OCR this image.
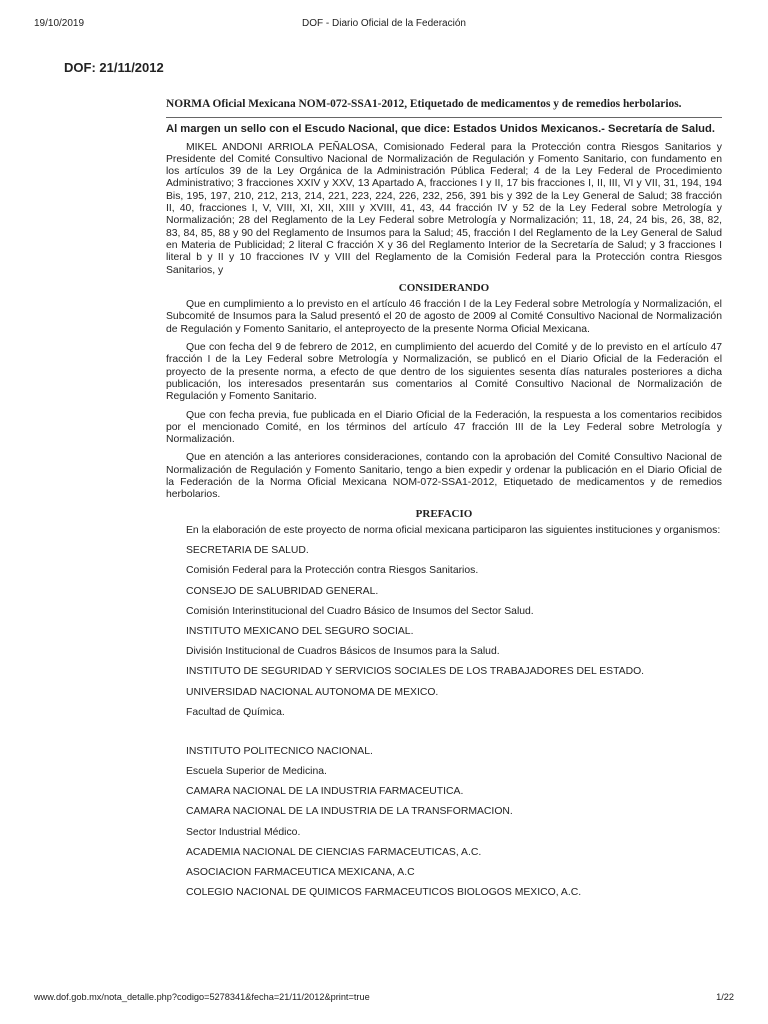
19/10/2019	DOF - Diario Oficial de la Federación
DOF: 21/11/2012
NORMA Oficial Mexicana NOM-072-SSA1-2012, Etiquetado de medicamentos y de remedios herbolarios.
Al margen un sello con el Escudo Nacional, que dice: Estados Unidos Mexicanos.- Secretaría de Salud.

MIKEL ANDONI ARRIOLA PEÑALOSA, Comisionado Federal para la Protección contra Riesgos Sanitarios y Presidente del Comité Consultivo Nacional de Normalización de Regulación y Fomento Sanitario, con fundamento en los artículos 39 de la Ley Orgánica de la Administración Pública Federal; 4 de la Ley Federal de Procedimiento Administrativo; 3 fracciones XXIV y XXV, 13 Apartado A, fracciones I y II, 17 bis fracciones I, II, III, VI y VII, 31, 194, 194 Bis, 195, 197, 210, 212, 213, 214, 221, 223, 224, 226, 232, 256, 391 bis y 392 de la Ley General de Salud; 38 fracción II, 40, fracciones I, V, VIII, XI, XII, XIII y XVIII, 41, 43, 44 fracción IV y 52 de la Ley Federal sobre Metrología y Normalización; 28 del Reglamento de la Ley Federal sobre Metrología y Normalización; 11, 18, 24, 24 bis, 26, 38, 82, 83, 84, 85, 88 y 90 del Reglamento de Insumos para la Salud; 45, fracción I del Reglamento de la Ley General de Salud en Materia de Publicidad; 2 literal C fracción X y 36 del Reglamento Interior de la Secretaría de Salud; y 3 fracciones I literal b y II y 10 fracciones IV y VIII del Reglamento de la Comisión Federal para la Protección contra Riesgos Sanitarios, y

CONSIDERANDO

Que en cumplimiento a lo previsto en el artículo 46 fracción I de la Ley Federal sobre Metrología y Normalización, el Subcomité de Insumos para la Salud presentó el 20 de agosto de 2009 al Comité Consultivo Nacional de Normalización de Regulación y Fomento Sanitario, el anteproyecto de la presente Norma Oficial Mexicana.

Que con fecha del 9 de febrero de 2012, en cumplimiento del acuerdo del Comité y de lo previsto en el artículo 47 fracción I de la Ley Federal sobre Metrología y Normalización, se publicó en el Diario Oficial de la Federación el proyecto de la presente norma, a efecto de que dentro de los siguientes sesenta días naturales posteriores a dicha publicación, los interesados presentarán sus comentarios al Comité Consultivo Nacional de Normalización de Regulación y Fomento Sanitario.

Que con fecha previa, fue publicada en el Diario Oficial de la Federación, la respuesta a los comentarios recibidos por el mencionado Comité, en los términos del artículo 47 fracción III de la Ley Federal sobre Metrología y Normalización.

Que en atención a las anteriores consideraciones, contando con la aprobación del Comité Consultivo Nacional de Normalización de Regulación y Fomento Sanitario, tengo a bien expedir y ordenar la publicación en el Diario Oficial de la Federación de la Norma Oficial Mexicana NOM-072-SSA1-2012, Etiquetado de medicamentos y de remedios herbolarios.

PREFACIO

En la elaboración de este proyecto de norma oficial mexicana participaron las siguientes instituciones y organismos:

SECRETARIA DE SALUD.
Comisión Federal para la Protección contra Riesgos Sanitarios.
CONSEJO DE SALUBRIDAD GENERAL.
Comisión Interinstitucional del Cuadro Básico de Insumos del Sector Salud.
INSTITUTO MEXICANO DEL SEGURO SOCIAL.
División Institucional de Cuadros Básicos de Insumos para la Salud.
INSTITUTO DE SEGURIDAD Y SERVICIOS SOCIALES DE LOS TRABAJADORES DEL ESTADO.
UNIVERSIDAD NACIONAL AUTONOMA DE MEXICO.
Facultad de Química.
INSTITUTO POLITECNICO NACIONAL.
Escuela Superior de Medicina.
CAMARA NACIONAL DE LA INDUSTRIA FARMACEUTICA.
CAMARA NACIONAL DE LA INDUSTRIA DE LA TRANSFORMACION.
Sector Industrial Médico.
ACADEMIA NACIONAL DE CIENCIAS FARMACEUTICAS, A.C.
ASOCIACION FARMACEUTICA MEXICANA, A.C
COLEGIO NACIONAL DE QUIMICOS FARMACEUTICOS BIOLOGOS MEXICO, A.C.
www.dof.gob.mx/nota_detalle.php?codigo=5278341&fecha=21/11/2012&print=true	1/22
